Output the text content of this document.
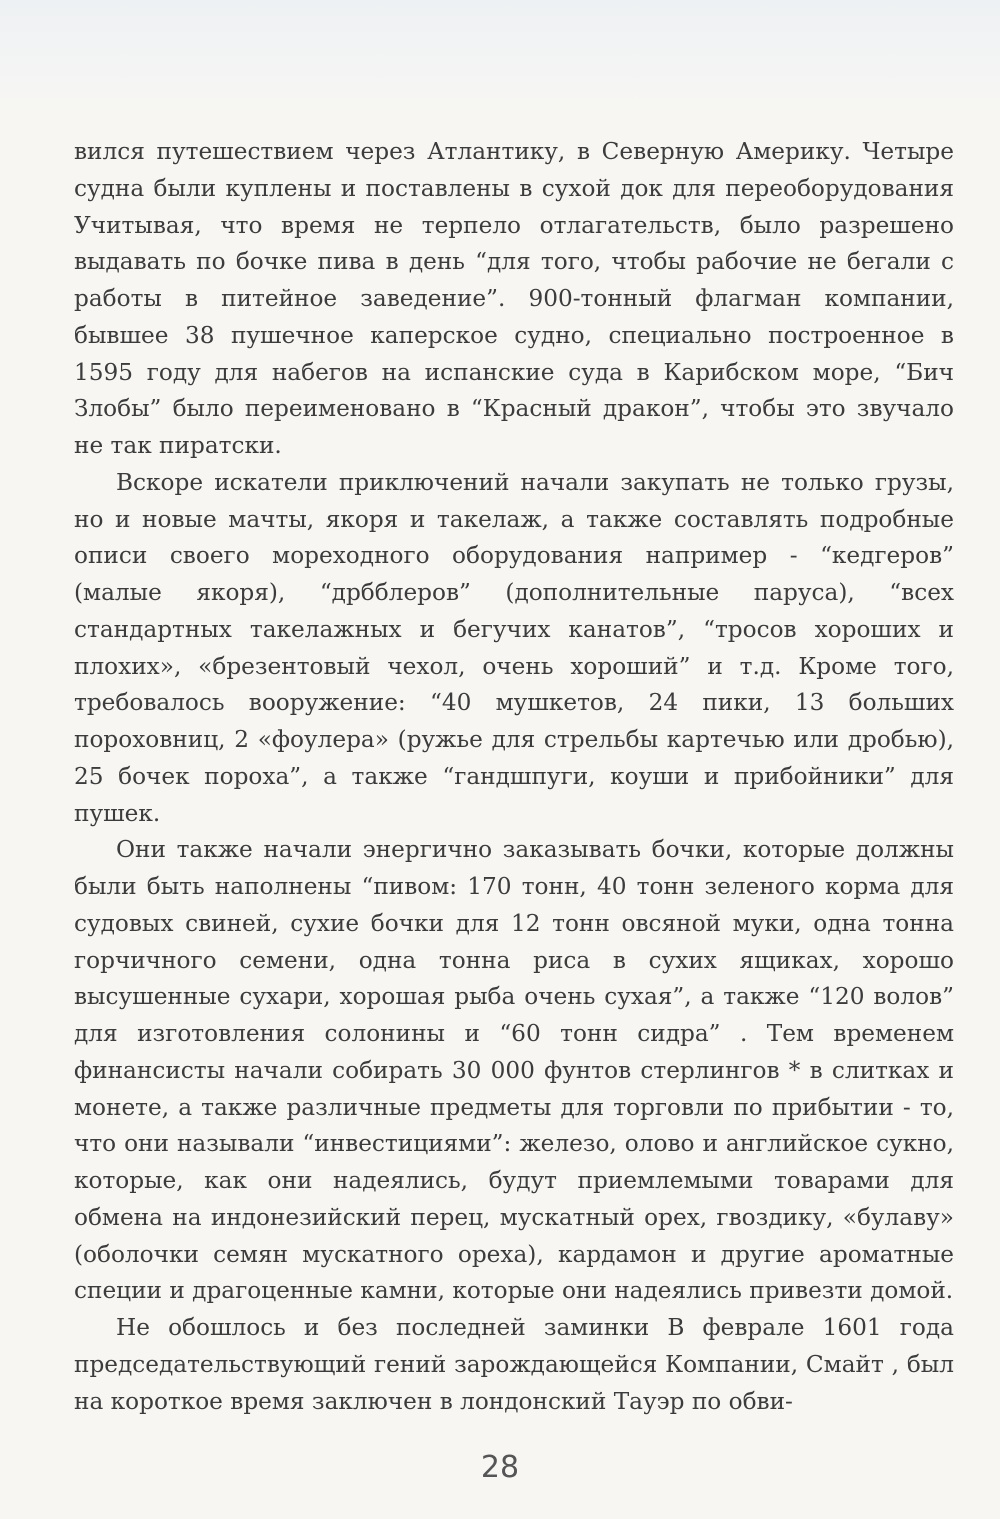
вился путешествием через Атлантику, в Северную Америку. Четыре судна были куплены и поставлены в сухой док для переоборудования Учитывая, что время не терпело отлагательств, было разрешено выдавать по бочке пива в день “для того, чтобы рабочие не бегали с работы в питейное заведение”. 900-тонный флагман компании, бывшее 38 пушечное каперское судно, специально построенное в 1595 году для набегов на испанские суда в Карибском море, “Бич Злобы” было переименовано в “Красный дракон”, чтобы это звучало не так пиратски.

Вскоре искатели приключений начали закупать не только грузы, но и новые мачты, якоря и такелаж, а также составлять подробные описи своего мореходного оборудования например - “кедгеров” (малые якоря), “дрбблеров” (дополнительные паруса), “всех стандартных такелажных и бегучих канатов”, “тросов хороших и плохих», «брезентовый чехол, очень хороший” и т.д. Кроме того, требовалось вооружение: “40 мушкетов, 24 пики, 13 больших пороховниц, 2 «фоулера» (ружье для стрельбы картечью или дробью), 25 бочек пороха”, а также “гандшпуги, коуши и прибойники” для пушек.

Они также начали энергично заказывать бочки, которые должны были быть наполнены “пивом: 170 тонн, 40 тонн зеленого корма для судовых свиней, сухие бочки для 12 тонн овсяной муки, одна тонна горчичного семени, одна тонна риса в сухих ящиках, хорошо высушенные сухари, хорошая рыба очень сухая”, а также “120 волов” для изготовления солонины и “60 тонн сидра” . Тем временем финансисты начали собирать 30 000 фунтов стерлингов * в слитках и монете, а также различные предметы для торговли по прибытии - то, что они называли “инвестициями”: железо, олово и английское сукно, которые, как они надеялись, будут приемлемыми товарами для обмена на индонезийский перец, мускатный орех, гвоздику, «булаву» (оболочки семян мускатного ореха), кардамон и другие ароматные специи и драгоценные камни, которые они надеялись привезти домой.

Не обошлось и без последней заминки В феврале 1601 года председательствующий гений зарождающейся Компании, Смайт , был на короткое время заключен в лондонский Тауэр по обви-

28
